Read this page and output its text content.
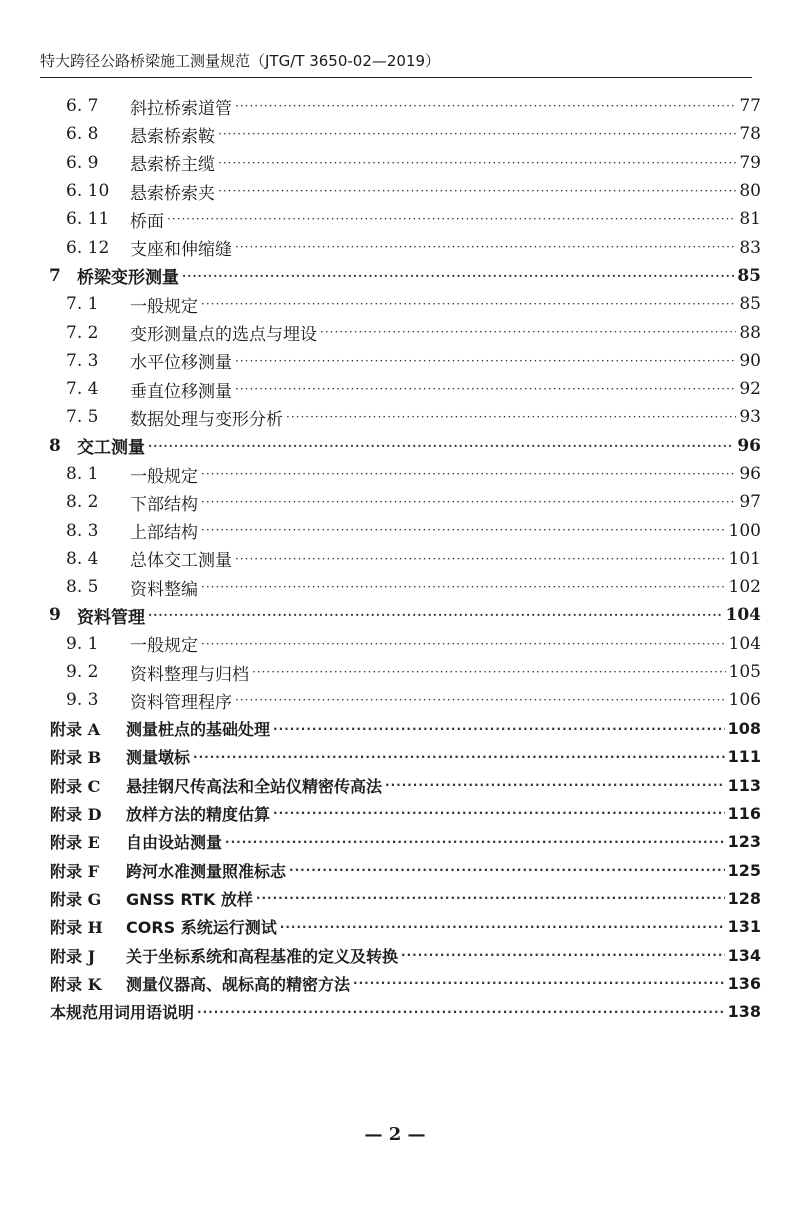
特大跨径公路桥梁施工测量规范（JTG/T 3650-02—2019）
6. 7	斜拉桥索道管 ·····	77
6. 8	悬索桥索鞍 ·····	78
6. 9	悬索桥主缆 ·····	79
6. 10	悬索桥索夹 ·····	80
6. 11	桥面 ·····	81
6. 12	支座和伸缩缝 ·····	83
7 桥梁变形测量 ·····	85
7. 1	一般规定 ·····	85
7. 2	变形测量点的选点与埋设 ·····	88
7. 3	水平位移测量 ·····	90
7. 4	垂直位移测量 ·····	92
7. 5	数据处理与变形分析 ·····	93
8 交工测量 ·····	96
8. 1	一般规定 ·····	96
8. 2	下部结构 ·····	97
8. 3	上部结构 ·····	100
8. 4	总体交工测量 ·····	101
8. 5	资料整编 ·····	102
9 资料管理 ·····	104
9. 1	一般规定 ·····	104
9. 2	资料整理与归档 ·····	105
9. 3	资料管理程序 ·····	106
附录 A	测量桩点的基础处理 ·····	108
附录 B	测量墩标 ·····	111
附录 C	悬挂钢尺传高法和全站仪精密传高法 ·····	113
附录 D	放样方法的精度估算 ·····	116
附录 E	自由设站测量 ·····	123
附录 F	跨河水准测量照准标志 ·····	125
附录 G	GNSS RTK 放样 ·····	128
附录 H	CORS 系统运行测试 ·····	131
附录 J	关于坐标系统和高程基准的定义及转换 ·····	134
附录 K	测量仪器高、觇标高的精密方法 ·····	136
本规范用词用语说明 ·····	138
— 2 —
